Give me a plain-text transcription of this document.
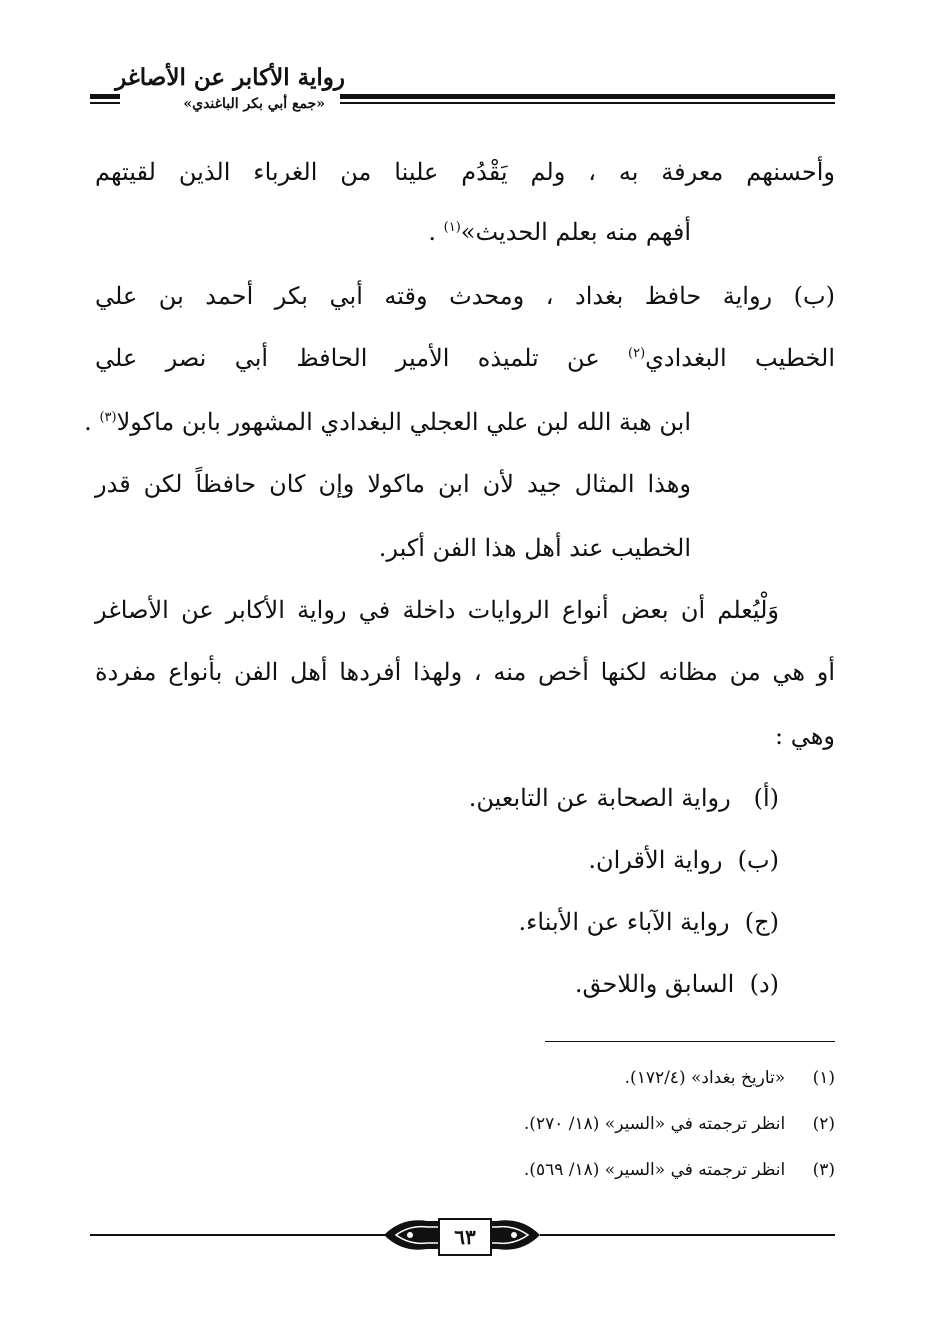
رواية الأكابر عن الأصاغر
«جمع أبي بكر الباغندي»
وأحسنهم معرفة به ، ولم يَقْدُم علينا من الغرباء الذين لقيتهم
أفهم منه بعلم الحديث»$^{(١)}$ .
(ب) رواية حافظ بغداد ، ومحدث وقته أبي بكر أحمد بن علي
الخطيب البغدادي$^{(٢)}$ عن تلميذه الأمير الحافظ أبي نصر علي
ابن هبة الله لبن علي العجلي البغدادي المشهور بابن ماكولا$^{(٣)}$ .
وهذا المثال جيد لأن ابن ماكولا وإن كان حافظاً لكن قدر
الخطيب عند أهل هذا الفن أكبر.
وَلْيُعلم أن بعض أنواع الروايات داخلة في رواية الأكابر عن الأصاغر
أو هي من مظانه لكنها أخص منه ، ولهذا أفردها أهل الفن بأنواع مفردة
وهي :
(أ)   رواية الصحابة عن التابعين.
(ب)  رواية الأقران.
(ج)  رواية الآباء عن الأبناء.
(د)  السابق واللاحق.
(١) «تاريخ بغداد» (١٧٢/٤).
(٢) انظر ترجمته في «السير» (١٨/ ٢٧٠).
(٣) انظر ترجمته في «السير» (١٨/ ٥٦٩).
٦٣
